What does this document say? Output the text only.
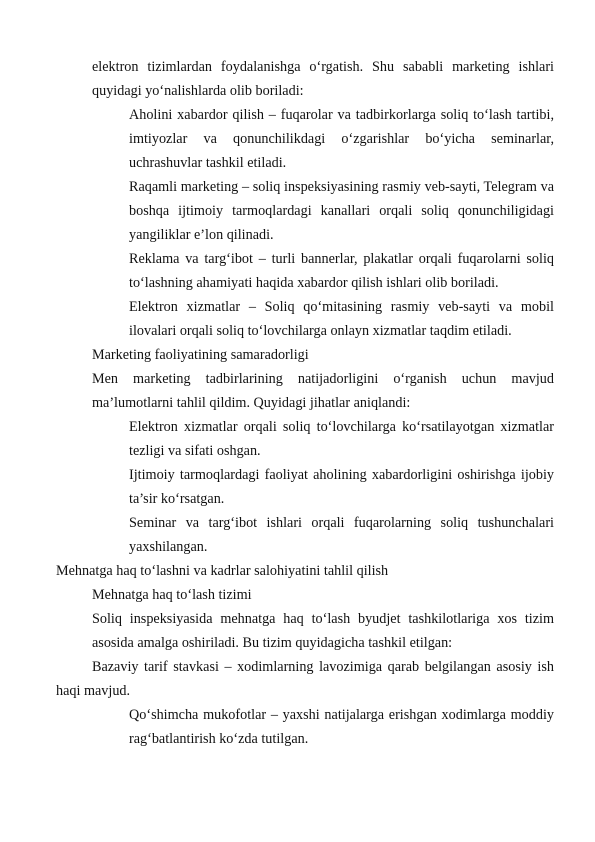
elektron tizimlardan foydalanishga o‘rgatish. Shu sababli marketing ishlari quyidagi yo‘nalishlarda olib boriladi:

Aholini xabardor qilish – fuqarolar va tadbirkorlarga soliq to‘lash tartibi, imtiyozlar va qonunchilikdagi o‘zgarishlar bo‘yicha seminarlar, uchrashuvlar tashkil etiladi.

Raqamli marketing – soliq inspeksiyasining rasmiy veb-sayti, Telegram va boshqa ijtimoiy tarmoqlardagi kanallari orqali soliq qonunchiligidagi yangiliklar e’lon qilinadi.

Reklama va targ‘ibot – turli bannerlar, plakatlar orqali fuqarolarni soliq to‘lashning ahamiyati haqida xabardor qilish ishlari olib boriladi.

Elektron xizmatlar – Soliq qo‘mitasining rasmiy veb-sayti va mobil ilovalari orqali soliq to‘lovchilarga onlayn xizmatlar taqdim etiladi.

Marketing faoliyatining samaradorligi

Men marketing tadbirlarining natijadorligini o‘rganish uchun mavjud ma’lumotlarni tahlil qildim. Quyidagi jihatlar aniqlandi:

Elektron xizmatlar orqali soliq to‘lovchilarga ko‘rsatilayotgan xizmatlar tezligi va sifati oshgan.

Ijtimoiy tarmoqlardagi faoliyat aholining xabardorligini oshirishga ijobiy ta’sir ko‘rsatgan.

Seminar va targ‘ibot ishlari orqali fuqarolarning soliq tushunchalari yaxshilangan.

Mehnatga haq to‘lashni va kadrlar salohiyatini tahlil qilish

Mehnatga haq to‘lash tizimi

Soliq inspeksiyasida mehnatga haq to‘lash byudjet tashkilotlariga xos tizim asosida amalga oshiriladi. Bu tizim quyidagicha tashkil etilgan:

Bazaviy tarif stavkasi – xodimlarning lavozimiga qarab belgilangan asosiy ish haqi mavjud.

Qo‘shimcha mukofotlar – yaxshi natijalarga erishgan xodimlarga moddiy rag‘batlantirish ko‘zda tutilgan.
